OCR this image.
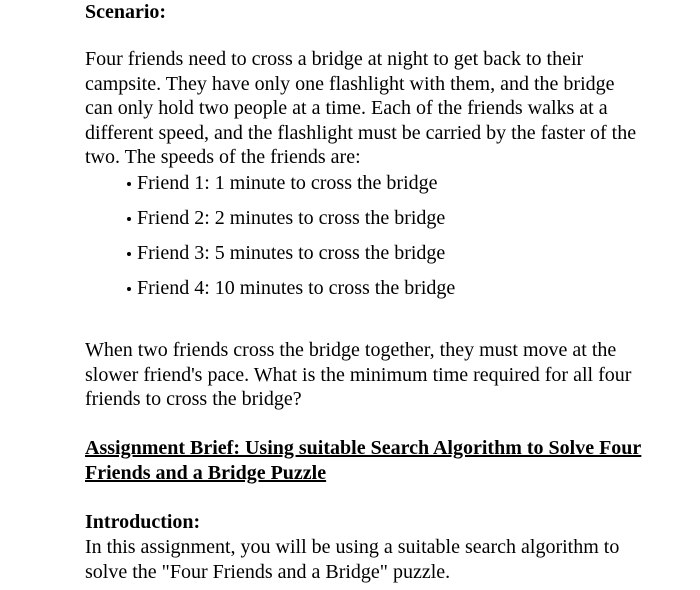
Scenario:

Four friends need to cross a bridge at night to get back to their campsite. They have only one flashlight with them, and the bridge can only hold two people at a time. Each of the friends walks at a different speed, and the flashlight must be carried by the faster of the two. The speeds of the friends are:

Friend 1: 1 minute to cross the bridge
Friend 2: 2 minutes to cross the bridge
Friend 3: 5 minutes to cross the bridge
Friend 4: 10 minutes to cross the bridge

When two friends cross the bridge together, they must move at the slower friend's pace. What is the minimum time required for all four friends to cross the bridge?

Assignment Brief: Using suitable Search Algorithm to Solve Four Friends and a Bridge Puzzle

Introduction:

In this assignment, you will be using a suitable search algorithm to solve the "Four Friends and a Bridge" puzzle.
